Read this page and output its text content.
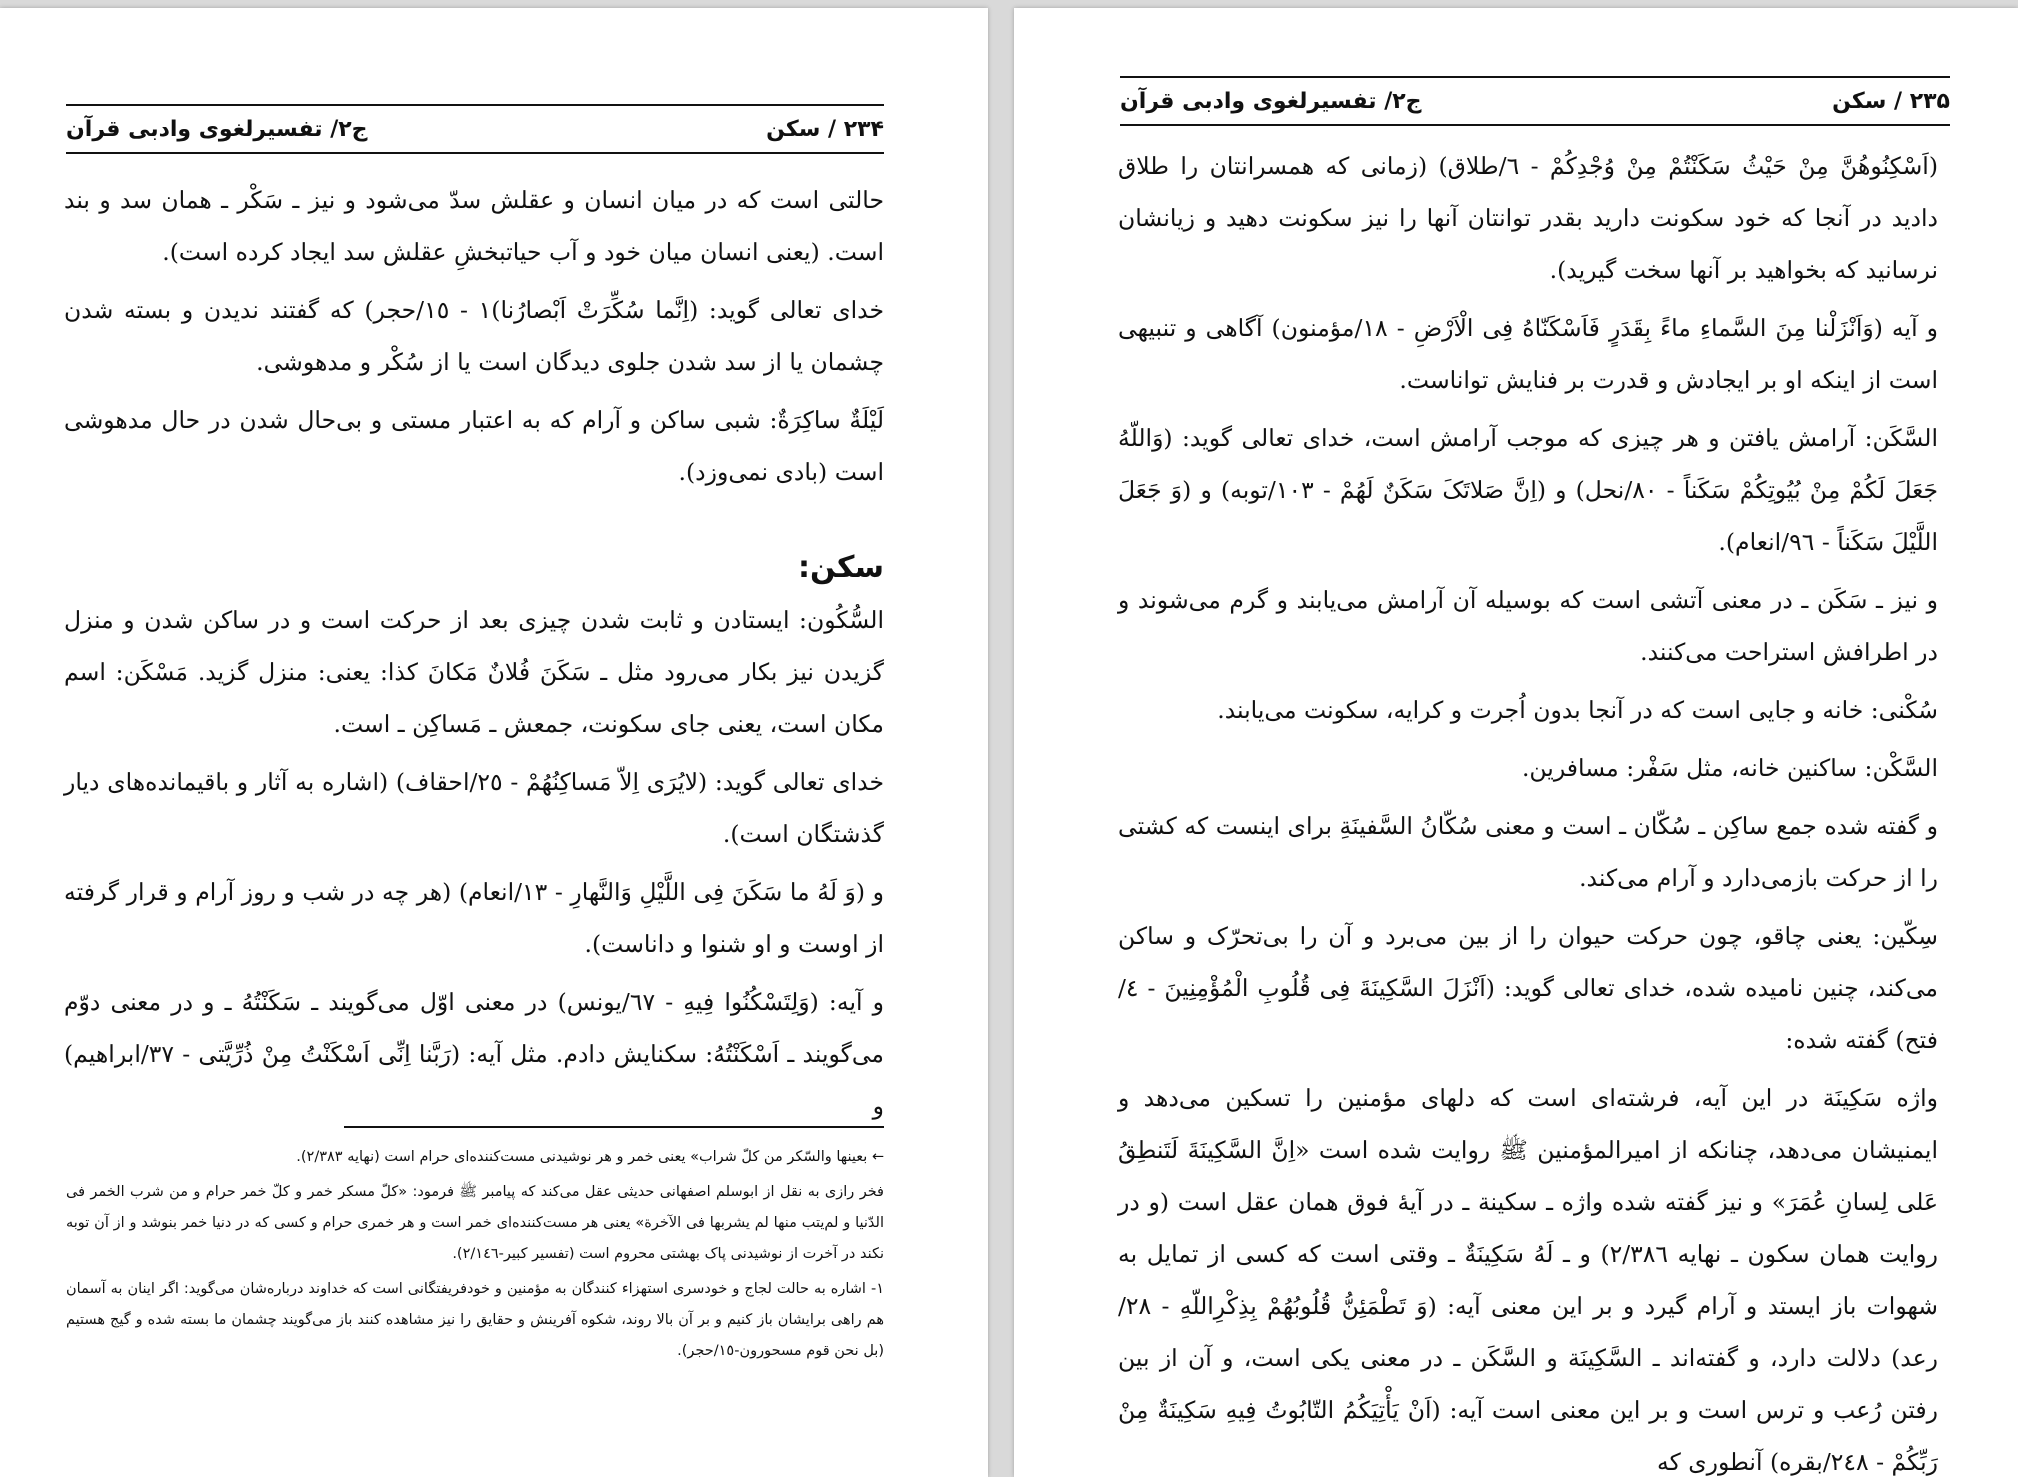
ج۲/ تفسیرلغوی وادبی قرآن	۲۳۴ / سکن

حالتی است که در میان انسان و عقلش سدّ می‌شود و نیز ـ سَکْر ـ همان سد و بند است. (یعنی انسان میان خود و آب حیاتبخشِ عقلش سد ایجاد کرده است).

خدای تعالی گوید: (اِنَّما سُکِّرَتْ اَبْصارُنا)١ - ١٥/حجر) که گفتند ندیدن و بسته شدن چشمان یا از سد شدن جلوی دیدگان است یا از سُکْر و مدهوشی.

لَیْلَةٌ ساکِرَةٌ: شبی ساکن و آرام که به اعتبار مستی و بی‌حال شدن در حال مدهوشی است (بادی نمی‌وزد).

سکن:

السُّکُون: ایستادن و ثابت شدن چیزی بعد از حرکت است و در ساکن شدن و منزل گزیدن نیز بکار می‌رود مثل ـ سَکَنَ فُلانٌ مَکانَ کذا: یعنی: منزل گزید. مَسْکَن: اسم مکان است، یعنی جای سکونت، جمعش ـ مَساکِن ـ است.

خدای تعالی گوید: (لایُرَی اِلاّ مَساکِنُهُمْ - ٢٥/احقاف) (اشاره به آثار و باقیمانده‌های دیار گذشتگان است).

و (وَ لَهُ ما سَکَنَ فِی اللَّیْلِ وَالنَّهارِ - ١٣/انعام) (هر چه در شب و روز آرام و قرار گرفته از اوست و او شنوا و داناست).

و آیه: (وَلِتَسْکُنُوا فِیهِ - ٦٧/یونس) در معنی اوّل می‌گویند ـ سَکَنْتُهُ ـ و در معنی دوّم می‌گویند ـ اَسْکَنْتُهُ: سکنایش دادم. مثل آیه: (رَبَّنا اِنِّی اَسْکَنْتُ مِنْ ذُرِّیَّتی - ٣٧/ابراهیم) و

← بعینها والسّکر من کلّ شراب» یعنی خمر و هر نوشیدنی مست‌کننده‌ای حرام است (نهایه ٢/٣٨٣).

فخر رازی به نقل از ابوسلم اصفهانی حدیثی عقل می‌کند که پیامبر ﷺ فرمود: «کلّ مسکر خمر و کلّ خمر حرام و من شرب الخمر فی الدّنیا و لم‌یتب منها لم یشربها فی الآخرة» یعنی هر مست‌کننده‌ای خمر است و هر خمری حرام و کسی که در دنیا خمر بنوشد و از آن توبه نکند در آخرت از نوشیدنی پاک بهشتی محروم است (تفسیر کبیر-٢/١٤٦).

١- اشاره به حالت لجاج و خودسری استهزاء کنندگان به مؤمنین و خودفریفتگانی است که خداوند درباره‌شان می‌گوید: اگر اینان به آسمان هم راهی برایشان باز کنیم و بر آن بالا روند، شکوه آفرینش و حقایق را نیز مشاهده کنند باز می‌گویند چشمان ما بسته شده و گیج هستیم (بل نحن قوم مسحورون-١٥/حجر).

ج۲/ تفسیرلغوی وادبی قرآن	۲۳۵ / سکن

(اَسْکِنُوهُنَّ مِنْ حَیْثُ سَکَنْتُمْ مِنْ وُجْدِکُمْ - ٦/طلاق) (زمانی که همسرانتان را طلاق دادید در آنجا که خود سکونت دارید بقدر توانتان آنها را نیز سکونت دهید و زیانشان نرسانید که بخواهید بر آنها سخت گیرید).

و آیه (وَاَنْزَلْنا مِنَ السَّماءِ ماءً بِقَدَرٍ فَاَسْکَنّاهُ فِی الْاَرْضِ - ١٨/مؤمنون) آگاهی و تنبیهی است از اینکه او بر ایجادش و قدرت بر فنایش تواناست.

السَّکَن: آرامش یافتن و هر چیزی که موجب آرامش است، خدای تعالی گوید: (وَاللّهُ جَعَلَ لَکُمْ مِنْ بُیُوتِکُمْ سَکَناً - ٨٠/نحل) و (اِنَّ صَلاتَکَ سَکَنٌ لَهُمْ - ١٠٣/توبه) و (وَ جَعَلَ اللَّیْلَ سَکَناً - ٩٦/انعام).

و نیز ـ سَکَن ـ در معنی آتشی است که بوسیله آن آرامش می‌یابند و گرم می‌شوند و در اطرافش استراحت می‌کنند.

سُکْنی: خانه و جایی است که در آنجا بدون اُجرت و کرایه، سکونت می‌یابند.

السَّکْن: ساکنین خانه، مثل سَفْر: مسافرین.

و گفته شده جمع ساکِن ـ سُکّان ـ است و معنی سُکّانُ السَّفینَةِ برای اینست که کشتی را از حرکت بازمی‌دارد و آرام می‌کند.

سِکّین: یعنی چاقو، چون حرکت حیوان را از بین می‌برد و آن را بی‌تحرّک و ساکن می‌کند، چنین نامیده شده، خدای تعالی گوید: (اَنْزَلَ السَّکِینَةَ فِی قُلُوبِ الْمُؤْمِنِینَ - ٤/فتح) گفته شده:

واژه سَکِینَة در این آیه، فرشته‌ای است که دلهای مؤمنین را تسکین می‌دهد و ایمنیشان می‌دهد، چنانکه از امیرالمؤمنین ﷺ روایت شده است «اِنَّ السَّکِینَةَ لَتَنطِقُ عَلی لِسانِ عُمَرَ» و نیز گفته شده واژه ـ سکینة ـ در آیهٔ فوق همان عقل است (و در روایت همان سکون ـ نهایه ٢/٣٨٦) و ـ لَهُ سَکِینَةٌ ـ وقتی است که کسی از تمایل به شهوات باز ایستد و آرام گیرد و بر این معنی آیه: (وَ تَطْمَئِنُّ قُلُوبُهُمْ بِذِکْرِاللّهِ - ٢٨/رعد) دلالت دارد، و گفته‌اند ـ السَّکِینَة و السَّکَن ـ در معنی یکی است، و آن از بین رفتن رُعب و ترس است و بر این معنی است آیه: (اَنْ یَأْتِیَکُمُ التّابُوتُ فِیهِ سَکِینَةٌ مِنْ رَبِّکُمْ - ٢٤٨/بقره) آنطوری که
